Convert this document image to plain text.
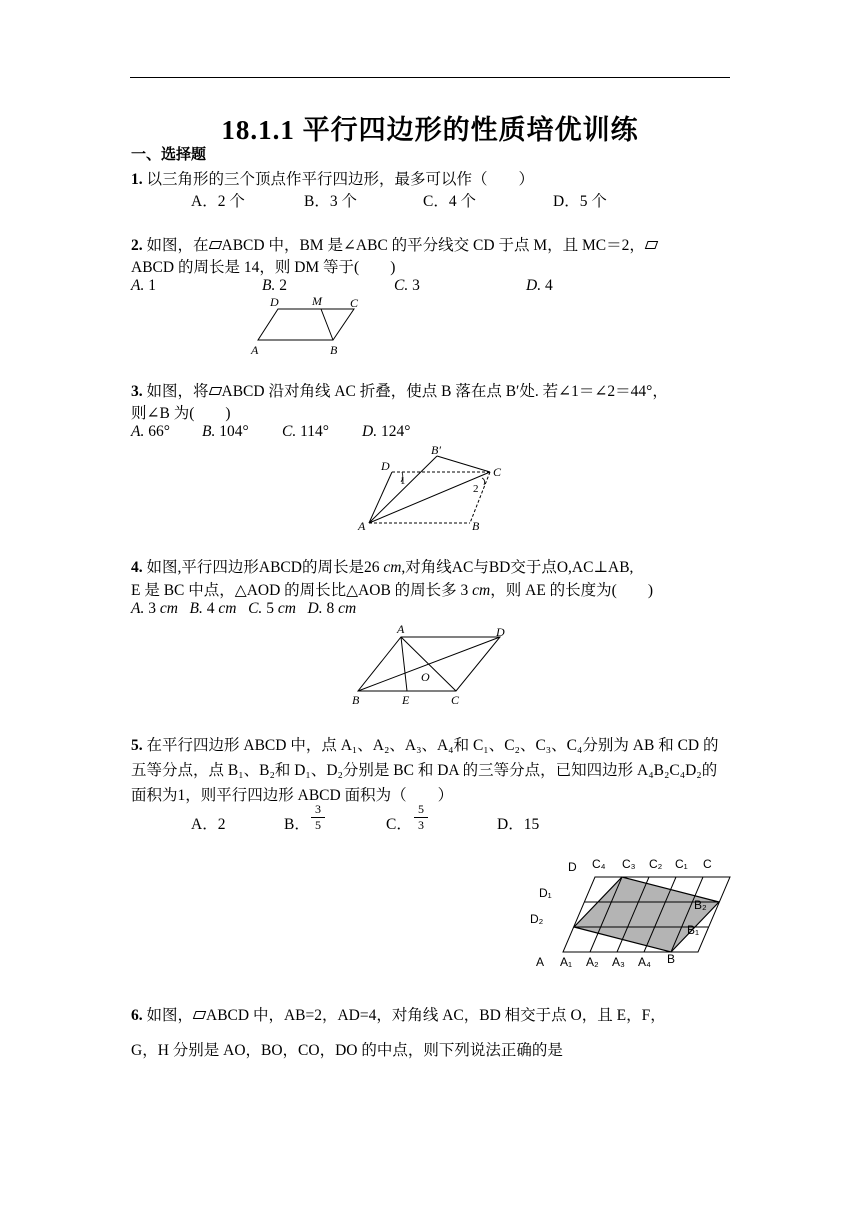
18.1.1 平行四边形的性质培优训练
一、选择题
1. 以三角形的三个顶点作平行四边形，最多可以作（　　）
A．2 个	B．3 个	C．4 个	D．5 个
2. 如图，在 ABCD 中，BM 是∠ABC 的平分线交 CD 于点 M，且 MC＝2，
ABCD 的周长是 14，则 DM 等于(　　)
A. 1	B. 2	C. 3	D. 4
D	M C
A	B
3. 如图，将 ABCD 沿对角线 AC 折叠，使点 B 落在点 B′处. 若∠1＝∠2＝44°，
则∠B 为(　　)
A. 66° B. 104° C. 114° D. 124°
D
B′
C
1
2
A	B
4. 如图,平行四边形ABCD的周长是26 cm,对角线AC与BD交于点O,AC⊥AB,
E 是 BC 中点，△AOD 的周长比△AOB 的周长多 3 cm，则 AE 的长度为(　　)
A. 3 cm B. 4 cm C. 5 cm D. 8 cm
A	D
O
B	E	C
5. 在平行四边形 ABCD 中，点 A₁、A₂、A₃、A₄和 C₁、C₂、C₃、C₄分别为 AB 和 CD 的
五等分点，点 B₁、B₂和 D₁、D₂分别是 BC 和 DA 的三等分点，已知四边形 A₄B₂C₄D₂的
面积为1，则平行四边形 ABCD 面积为（　　）
A．2	B．
3
5	C．
5
3	D．15
D C₄ C₃ C₂ C₁ C
D₁
D₂
B₂
B₁
A A₁ A₂ A₃ A₄ B
6. 如图， ABCD 中，AB=2，AD=4，对角线 AC，BD 相交于点 O，且 E，F，
G，H 分别是 AO，BO，CO，DO 的中点，则下列说法正确的是
